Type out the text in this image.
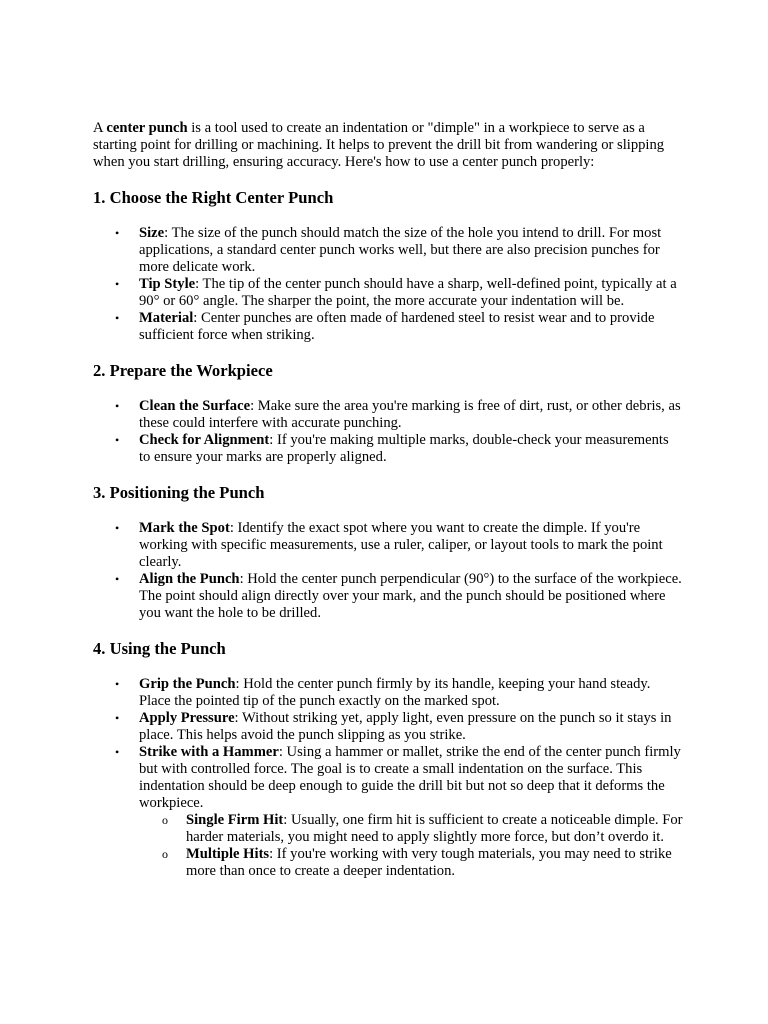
A center punch is a tool used to create an indentation or "dimple" in a workpiece to serve as a starting point for drilling or machining. It helps to prevent the drill bit from wandering or slipping when you start drilling, ensuring accuracy. Here's how to use a center punch properly:

1. Choose the Right Center Punch
• Size: The size of the punch should match the size of the hole you intend to drill. For most applications, a standard center punch works well, but there are also precision punches for more delicate work.
• Tip Style: The tip of the center punch should have a sharp, well-defined point, typically at a 90° or 60° angle. The sharper the point, the more accurate your indentation will be.
• Material: Center punches are often made of hardened steel to resist wear and to provide sufficient force when striking.
2. Prepare the Workpiece
• Clean the Surface: Make sure the area you're marking is free of dirt, rust, or other debris, as these could interfere with accurate punching.
• Check for Alignment: If you're making multiple marks, double-check your measurements to ensure your marks are properly aligned.
3. Positioning the Punch
• Mark the Spot: Identify the exact spot where you want to create the dimple. If you're working with specific measurements, use a ruler, caliper, or layout tools to mark the point clearly.
• Align the Punch: Hold the center punch perpendicular (90°) to the surface of the workpiece. The point should align directly over your mark, and the punch should be positioned where you want the hole to be drilled.
4. Using the Punch
• Grip the Punch: Hold the center punch firmly by its handle, keeping your hand steady. Place the pointed tip of the punch exactly on the marked spot.
• Apply Pressure: Without striking yet, apply light, even pressure on the punch so it stays in place. This helps avoid the punch slipping as you strike.
• Strike with a Hammer: Using a hammer or mallet, strike the end of the center punch firmly but with controlled force. The goal is to create a small indentation on the surface. This indentation should be deep enough to guide the drill bit but not so deep that it deforms the workpiece.
o Single Firm Hit: Usually, one firm hit is sufficient to create a noticeable dimple. For harder materials, you might need to apply slightly more force, but don’t overdo it.
o Multiple Hits: If you're working with very tough materials, you may need to strike more than once to create a deeper indentation.
